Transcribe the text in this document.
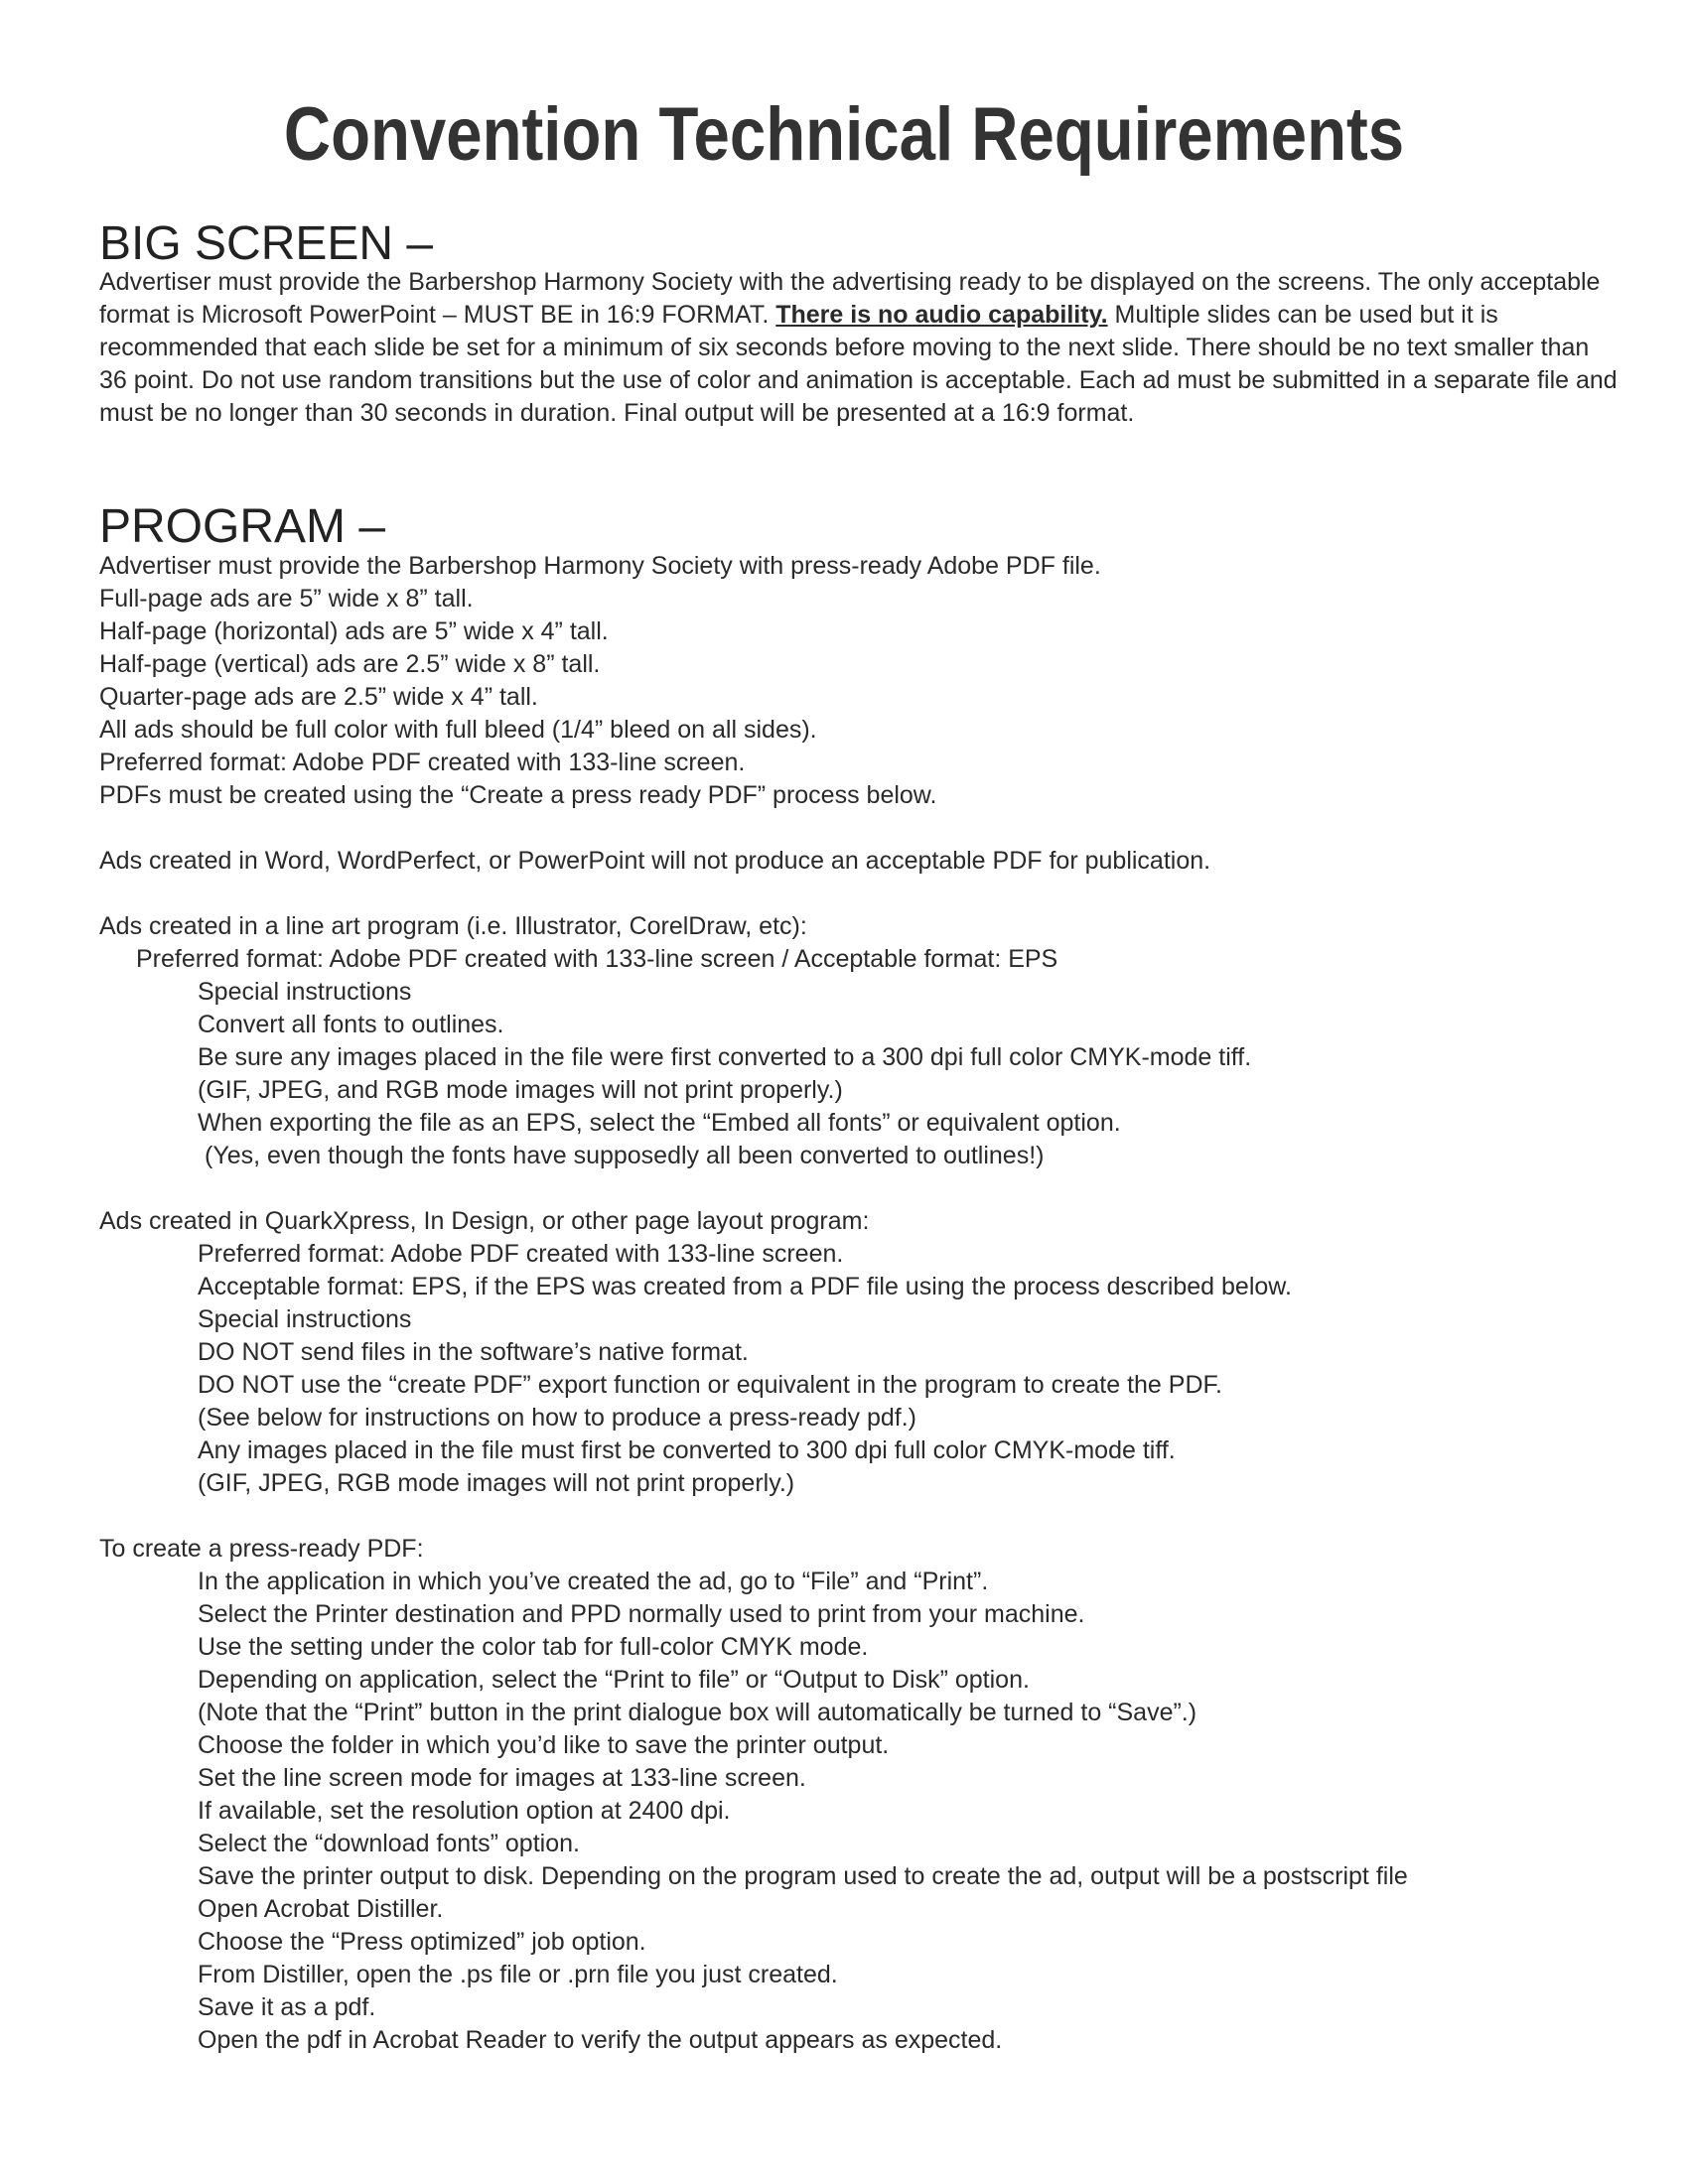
Convention Technical Requirements
BIG SCREEN –
Advertiser must provide the Barbershop Harmony Society with the advertising ready to be displayed on the screens. The only acceptable format is Microsoft PowerPoint – MUST BE in 16:9 FORMAT. There is no audio capability. Multiple slides can be used but it is recommended that each slide be set for a minimum of six seconds before moving to the next slide. There should be no text smaller than 36 point. Do not use random transitions but the use of color and animation is acceptable. Each ad must be submitted in a separate file and must be no longer than 30 seconds in duration. Final output will be presented at a 16:9 format.
PROGRAM –
Advertiser must provide the Barbershop Harmony Society with press-ready Adobe PDF file.
Full-page ads are 5” wide x 8” tall.
Half-page (horizontal) ads are 5” wide x 4” tall.
Half-page (vertical) ads are 2.5” wide x 8” tall.
Quarter-page ads are 2.5” wide x 4” tall.
All ads should be full color with full bleed (1/4” bleed on all sides).
Preferred format: Adobe PDF created with 133-line screen.
PDFs must be created using the “Create a press ready PDF” process below.
Ads created in Word, WordPerfect, or PowerPoint will not produce an acceptable PDF for publication.
Ads created in a line art program (i.e. Illustrator, CorelDraw, etc):
Preferred format: Adobe PDF created with 133-line screen / Acceptable format: EPS
Special instructions
Convert all fonts to outlines.
Be sure any images placed in the file were first converted to a 300 dpi full color CMYK-mode tiff.
(GIF, JPEG, and RGB mode images will not print properly.)
When exporting the file as an EPS, select the “Embed all fonts” or equivalent option.
(Yes, even though the fonts have supposedly all been converted to outlines!)
Ads created in QuarkXpress, In Design, or other page layout program:
Preferred format: Adobe PDF created with 133-line screen.
Acceptable format: EPS, if the EPS was created from a PDF file using the process described below.
Special instructions
DO NOT send files in the software’s native format.
DO NOT use the “create PDF” export function or equivalent in the program to create the PDF.
(See below for instructions on how to produce a press-ready pdf.)
Any images placed in the file must first be converted to 300 dpi full color CMYK-mode tiff.
(GIF, JPEG, RGB mode images will not print properly.)
To create a press-ready PDF:
In the application in which you’ve created the ad, go to “File” and “Print”.
Select the Printer destination and PPD normally used to print from your machine.
Use the setting under the color tab for full-color CMYK mode.
Depending on application, select the “Print to file” or “Output to Disk” option.
(Note that the “Print” button in the print dialogue box will automatically be turned to “Save”.)
Choose the folder in which you’d like to save the printer output.
Set the line screen mode for images at 133-line screen.
If available, set the resolution option at 2400 dpi.
Select the “download fonts” option.
Save the printer output to disk. Depending on the program used to create the ad, output will be a postscript file
Open Acrobat Distiller.
Choose the “Press optimized” job option.
From Distiller, open the .ps file or .prn file you just created.
Save it as a pdf.
Open the pdf in Acrobat Reader to verify the output appears as expected.
